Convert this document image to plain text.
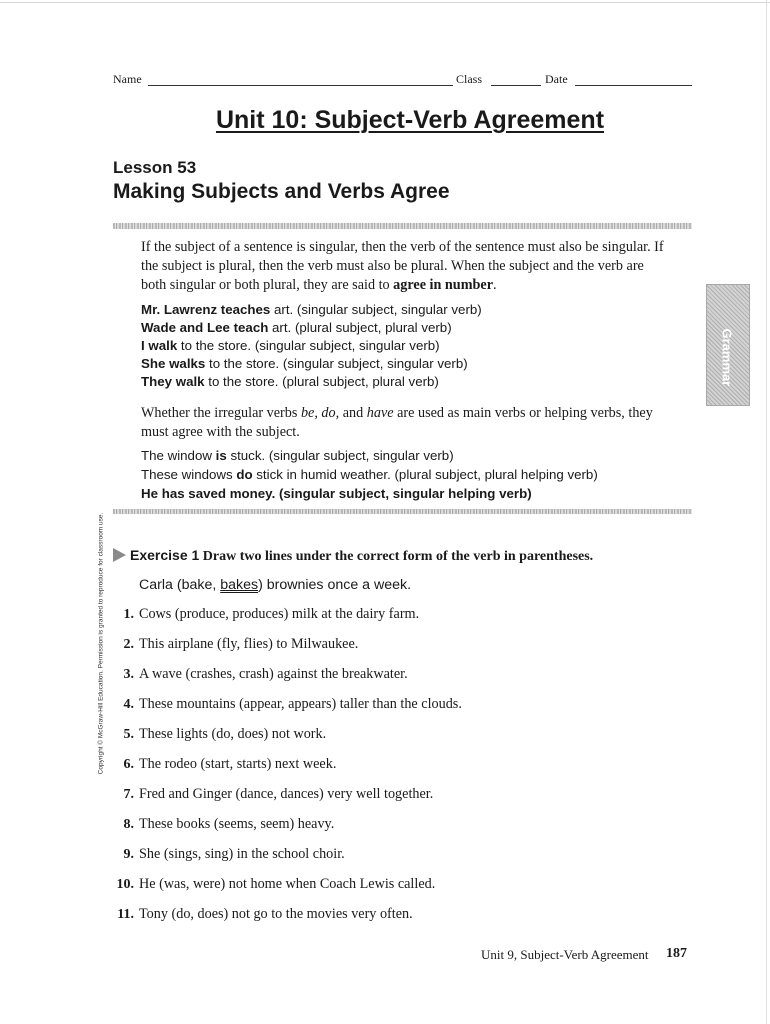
Name	Class	Date
Unit 10: Subject-Verb Agreement
Lesson 53
Making Subjects and Verbs Agree
Grammar
If the subject of a sentence is singular, then the verb of the sentence must also be singular. If the subject is plural, then the verb must also be plural. When the subject and the verb are both singular or both plural, they are said to agree in number.
Mr. Lawrenz teaches art. (singular subject, singular verb)
Wade and Lee teach art. (plural subject, plural verb)
I walk to the store. (singular subject, singular verb)
She walks to the store. (singular subject, singular verb)
They walk to the store. (plural subject, plural verb)
Whether the irregular verbs be, do, and have are used as main verbs or helping verbs, they must agree with the subject.
The window is stuck. (singular subject, singular verb)
These windows do stick in humid weather. (plural subject, plural helping verb)
He has saved money. (singular subject, singular helping verb)
Copyright © McGraw-Hill Education. Permission is granted to reproduce for classroom use.	Exercise 1 Draw two lines under the correct form of the verb in parentheses.
Carla (bake, bakes) brownies once a week.
1. Cows (produce, produces) milk at the dairy farm.
2. This airplane (fly, flies) to Milwaukee.
3. A wave (crashes, crash) against the breakwater.
4. These mountains (appear, appears) taller than the clouds.
5. These lights (do, does) not work.
6. The rodeo (start, starts) next week.
7. Fred and Ginger (dance, dances) very well together.
8. These books (seems, seem) heavy.
9. She (sings, sing) in the school choir.
10. He (was, were) not home when Coach Lewis called.
11. Tony (do, does) not go to the movies very often.
Unit 9, Subject-Verb Agreement 187
